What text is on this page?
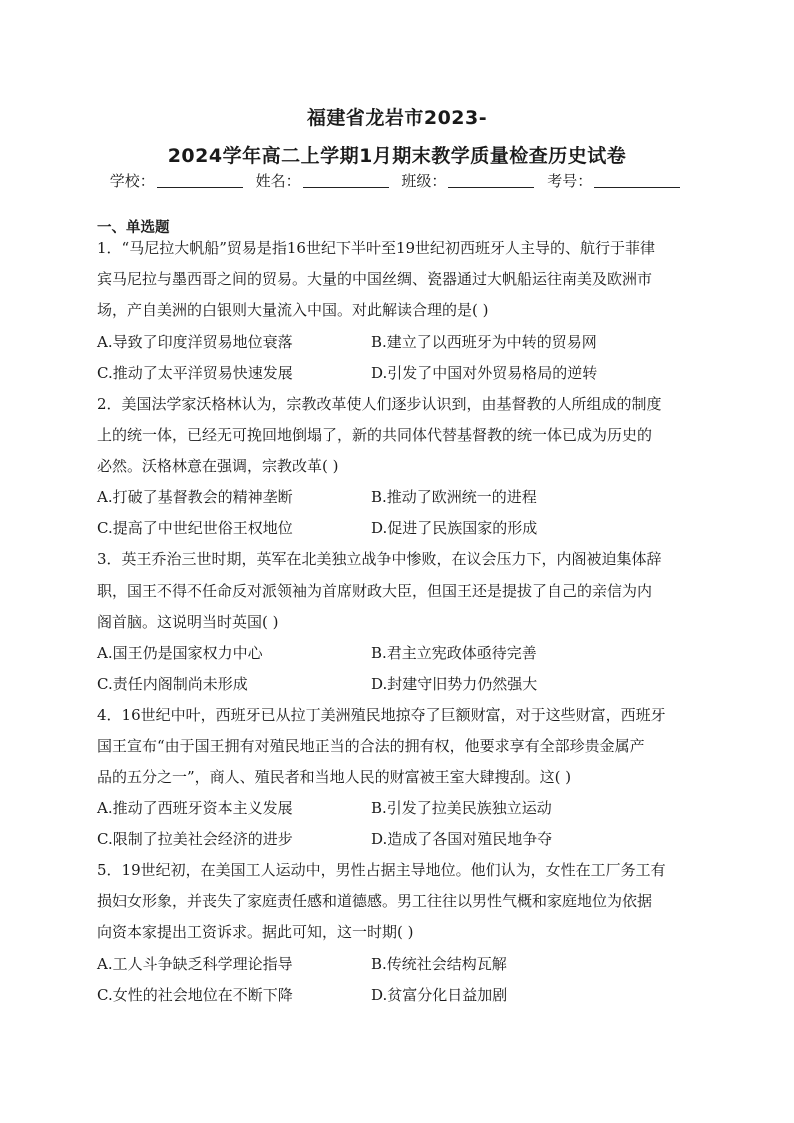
福建省龙岩市2023-
2024学年高二上学期1月期末教学质量检查历史试卷
学校：	姓名：	班级：	考号：
一、单选题
1．“马尼拉大帆船”贸易是指16世纪下半叶至19世纪初西班牙人主导的、航行于菲律
宾马尼拉与墨西哥之间的贸易。大量的中国丝绸、瓷器通过大帆船运往南美及欧洲市
场，产自美洲的白银则大量流入中国。对此解读合理的是( )
A.导致了印度洋贸易地位衰落	B.建立了以西班牙为中转的贸易网
C.推动了太平洋贸易快速发展	D.引发了中国对外贸易格局的逆转
2．美国法学家沃格林认为，宗教改革使人们逐步认识到，由基督教的人所组成的制度
上的统一体，已经无可挽回地倒塌了，新的共同体代替基督教的统一体已成为历史的
必然。沃格林意在强调，宗教改革( )
A.打破了基督教会的精神垄断	B.推动了欧洲统一的进程
C.提高了中世纪世俗王权地位	D.促进了民族国家的形成
3．英王乔治三世时期，英军在北美独立战争中惨败，在议会压力下，内阁被迫集体辞
职，国王不得不任命反对派领袖为首席财政大臣，但国王还是提拔了自己的亲信为内
阁首脑。这说明当时英国( )
A.国王仍是国家权力中心	B.君主立宪政体亟待完善
C.责任内阁制尚未形成	D.封建守旧势力仍然强大
4．16世纪中叶，西班牙已从拉丁美洲殖民地掠夺了巨额财富，对于这些财富，西班牙
国王宣布“由于国王拥有对殖民地正当的合法的拥有权，他要求享有全部珍贵金属产
品的五分之一”，商人、殖民者和当地人民的财富被王室大肆搜刮。这( )
A.推动了西班牙资本主义发展	B.引发了拉美民族独立运动
C.限制了拉美社会经济的进步	D.造成了各国对殖民地争夺
5．19世纪初，在美国工人运动中，男性占据主导地位。他们认为，女性在工厂务工有
损妇女形象，并丧失了家庭责任感和道德感。男工往往以男性气概和家庭地位为依据
向资本家提出工资诉求。据此可知，这一时期( )
A.工人斗争缺乏科学理论指导	B.传统社会结构瓦解
C.女性的社会地位在不断下降	D.贫富分化日益加剧
